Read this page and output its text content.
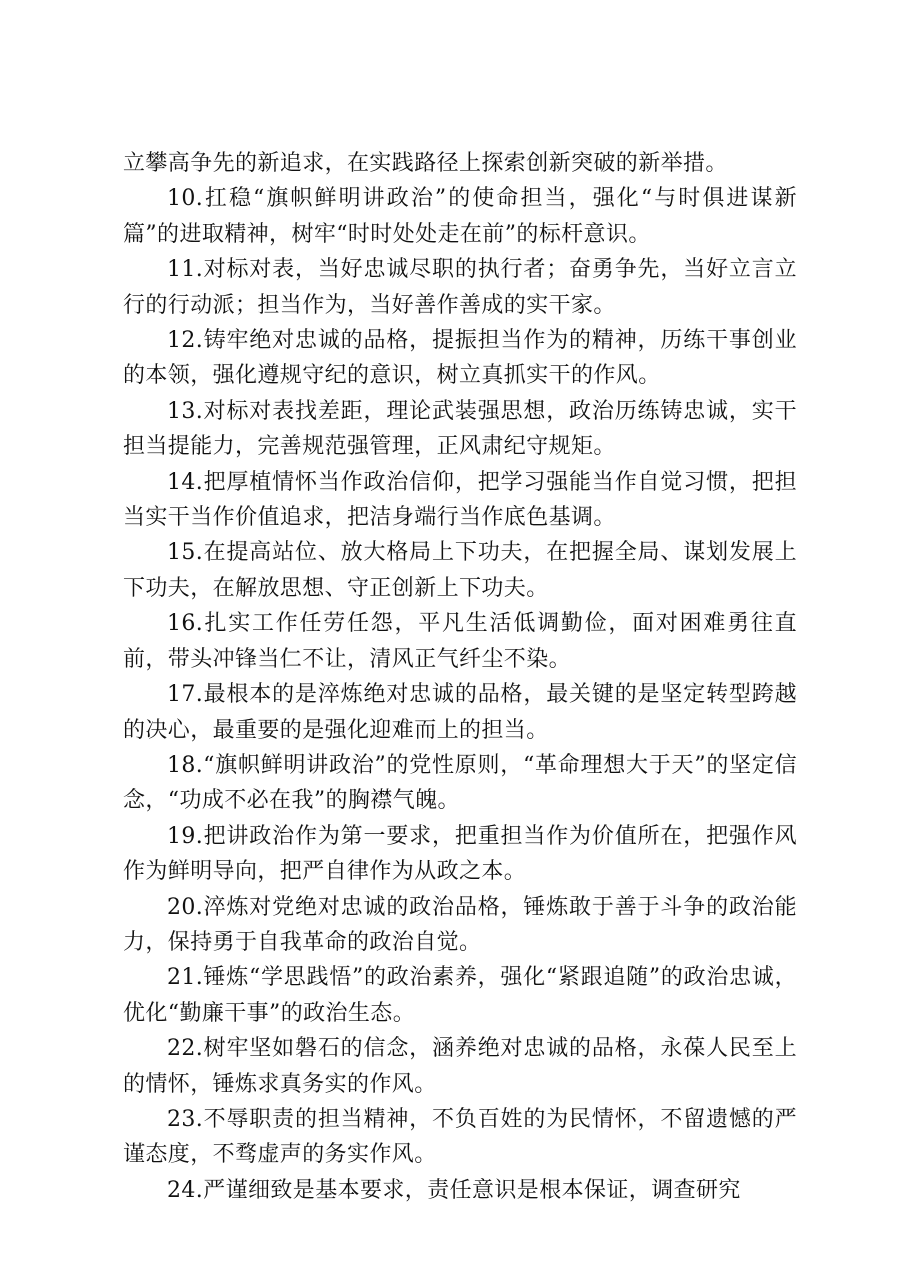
立攀高争先的新追求，在实践路径上探索创新突破的新举措。

10.扛稳“旗帜鲜明讲政治”的使命担当，强化“与时俱进谋新篇”的进取精神，树牢“时时处处走在前”的标杆意识。

11.对标对表，当好忠诚尽职的执行者；奋勇争先，当好立言立行的行动派；担当作为，当好善作善成的实干家。

12.铸牢绝对忠诚的品格，提振担当作为的精神，历练干事创业的本领，强化遵规守纪的意识，树立真抓实干的作风。

13.对标对表找差距，理论武装强思想，政治历练铸忠诚，实干担当提能力，完善规范强管理，正风肃纪守规矩。

14.把厚植情怀当作政治信仰，把学习强能当作自觉习惯，把担当实干当作价值追求，把洁身端行当作底色基调。

15.在提高站位、放大格局上下功夫，在把握全局、谋划发展上下功夫，在解放思想、守正创新上下功夫。

16.扎实工作任劳任怨，平凡生活低调勤俭，面对困难勇往直前，带头冲锋当仁不让，清风正气纤尘不染。

17.最根本的是淬炼绝对忠诚的品格，最关键的是坚定转型跨越的决心，最重要的是强化迎难而上的担当。

18.“旗帜鲜明讲政治”的党性原则，“革命理想大于天”的坚定信念，“功成不必在我”的胸襟气魄。

19.把讲政治作为第一要求，把重担当作为价值所在，把强作风作为鲜明导向，把严自律作为从政之本。

20.淬炼对党绝对忠诚的政治品格，锤炼敢于善于斗争的政治能力，保持勇于自我革命的政治自觉。

21.锤炼“学思践悟”的政治素养，强化“紧跟追随”的政治忠诚，优化“勤廉干事”的政治生态。

22.树牢坚如磐石的信念，涵养绝对忠诚的品格，永葆人民至上的情怀，锤炼求真务实的作风。

23.不辱职责的担当精神，不负百姓的为民情怀，不留遗憾的严谨态度，不骛虚声的务实作风。

24.严谨细致是基本要求，责任意识是根本保证，调查研究
